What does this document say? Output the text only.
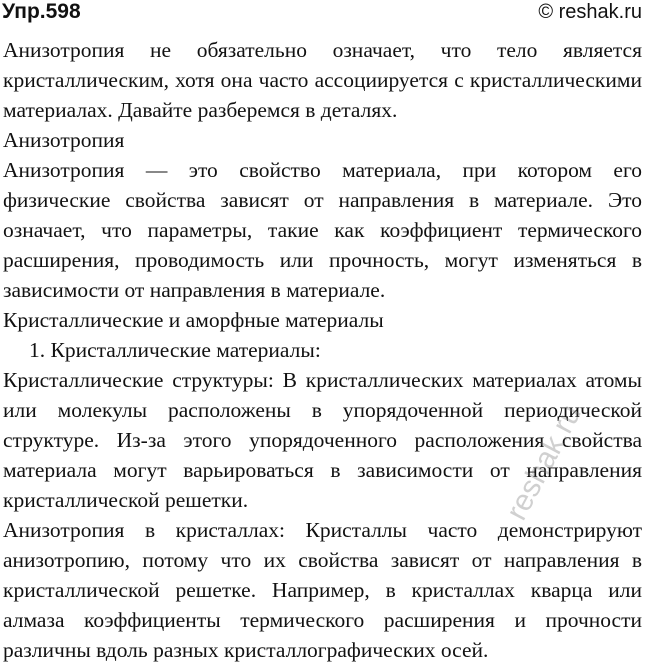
Упр.598	© reshak.ru

Анизотропия не обязательно означает, что тело является кристаллическим, хотя она часто ассоциируется с кристаллическими материалах. Давайте разберемся в деталях.

Анизотропия

Анизотропия — это свойство материала, при котором его физические свойства зависят от направления в материале. Это означает, что параметры, такие как коэффициент термического расширения, проводимость или прочность, могут изменяться в зависимости от направления в материале.

Кристаллические и аморфные материалы

1. Кристаллические материалы:

Кристаллические структуры: В кристаллических материалах атомы или молекулы расположены в упорядоченной периодической структуре. Из-за этого упорядоченного расположения свойства материала могут варьироваться в зависимости от направления кристаллической решетки.

Анизотропия в кристаллах: Кристаллы часто демонстрируют анизотропию, потому что их свойства зависят от направления в кристаллической решетке. Например, в кристаллах кварца или алмаза коэффициенты термического расширения и прочности различны вдоль разных кристаллографических осей.

reshak.ru
